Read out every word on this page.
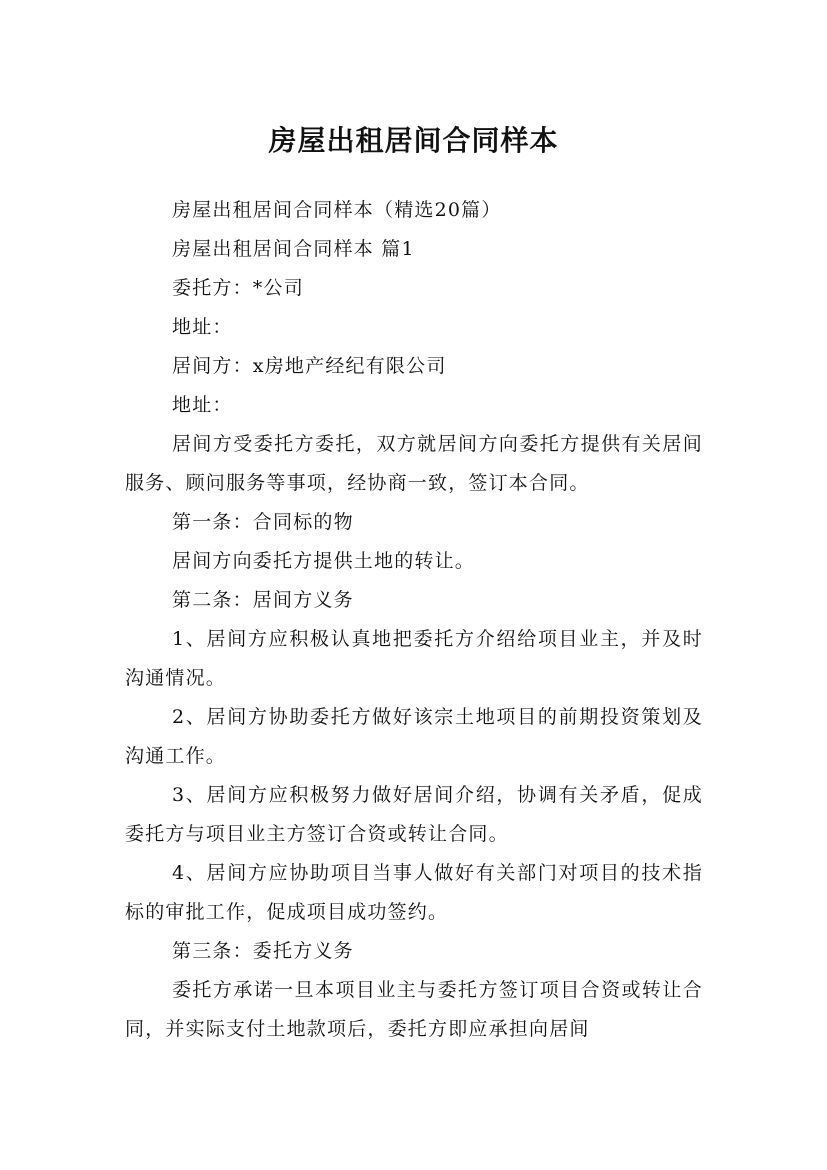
房屋出租居间合同样本

房屋出租居间合同样本（精选20篇）

房屋出租居间合同样本 篇1

委托方：*公司

地址：

居间方：x房地产经纪有限公司

地址：

居间方受委托方委托，双方就居间方向委托方提供有关居间服务、顾问服务等事项，经协商一致，签订本合同。

第一条：合同标的物

居间方向委托方提供土地的转让。

第二条：居间方义务

1、居间方应积极认真地把委托方介绍给项目业主，并及时沟通情况。

2、居间方协助委托方做好该宗土地项目的前期投资策划及沟通工作。

3、居间方应积极努力做好居间介绍，协调有关矛盾，促成委托方与项目业主方签订合资或转让合同。

4、居间方应协助项目当事人做好有关部门对项目的技术指标的审批工作，促成项目成功签约。

第三条：委托方义务

委托方承诺一旦本项目业主与委托方签订项目合资或转让合同，并实际支付土地款项后，委托方即应承担向居间
